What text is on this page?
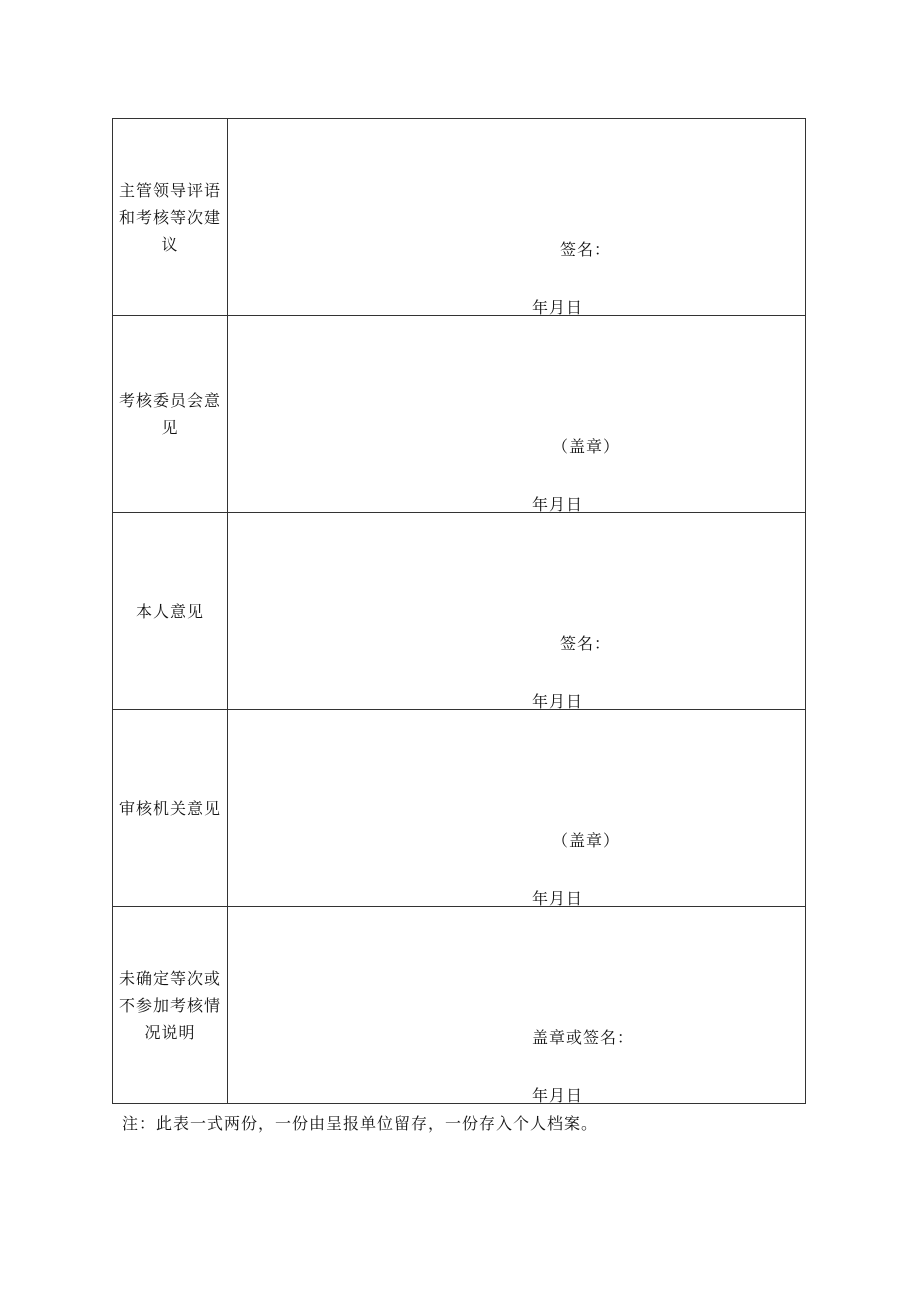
主管领导评语和考核等次建议	签名：
年月日

考核委员会意见	（盖章）
年月日

本人意见	签名：
年月日

审核机关意见	（盖章）
年月日

未确定等次或不参加考核情况说明	盖章或签名：
年月日
注：此表一式两份，一份由呈报单位留存，一份存入个人档案。
